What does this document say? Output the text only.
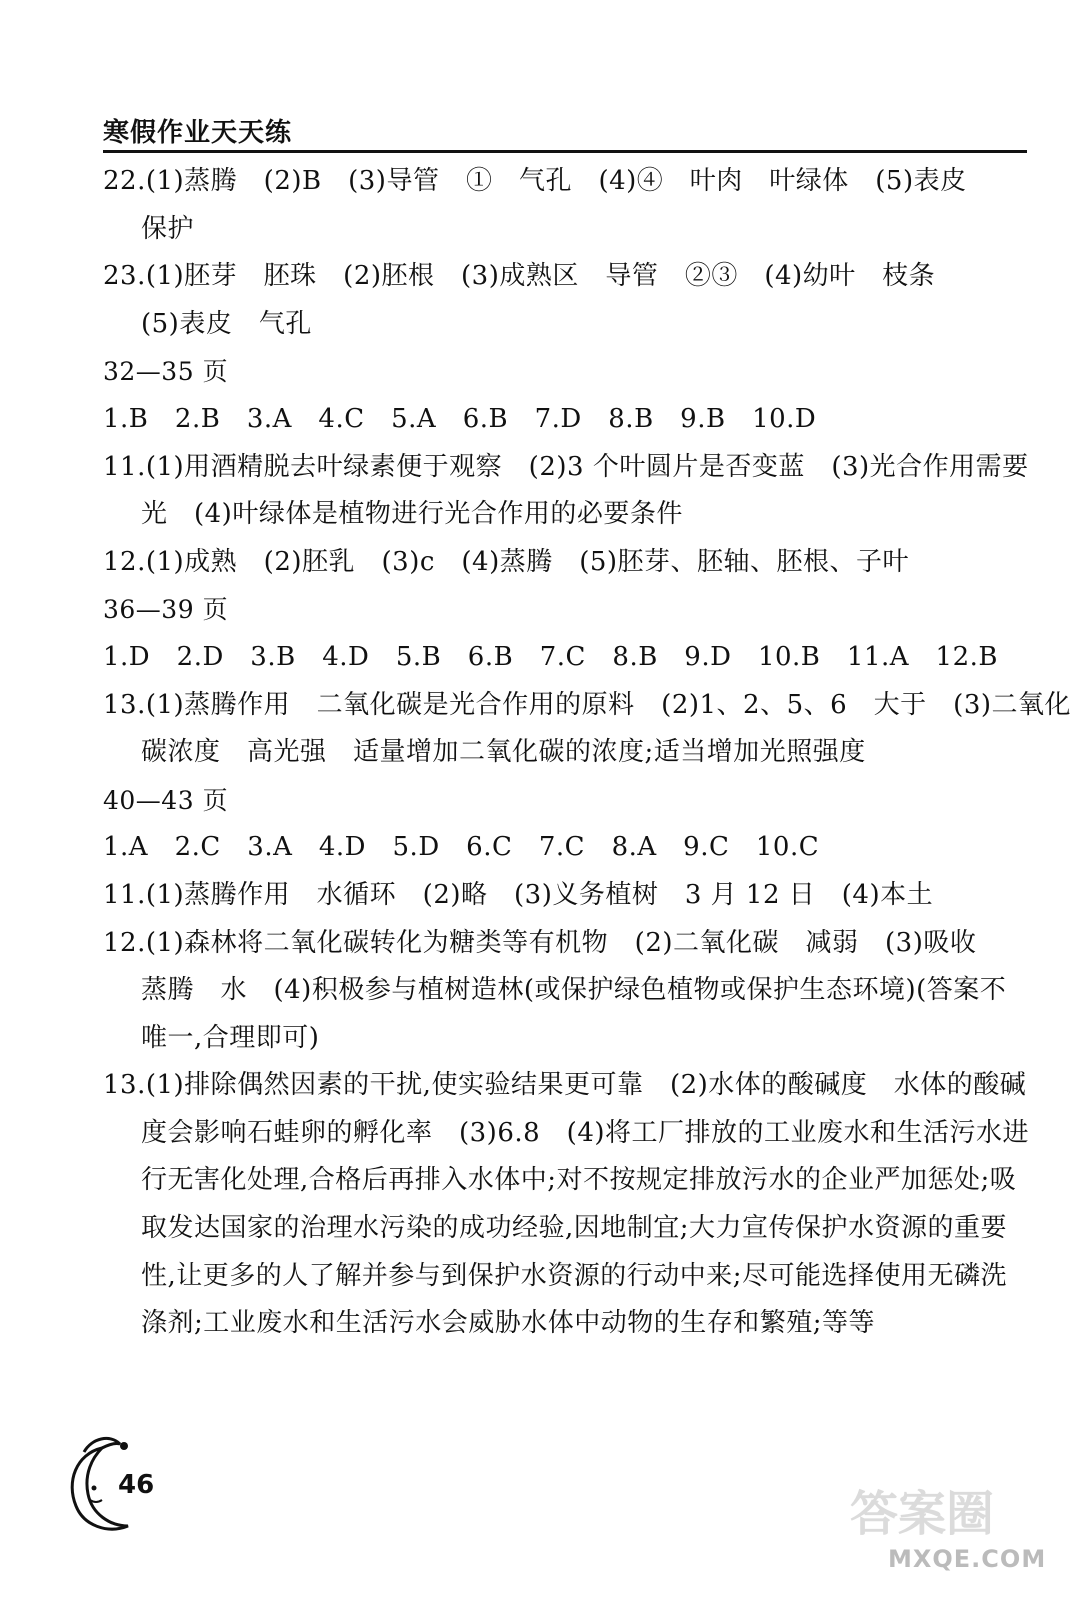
寒假作业天天练
22.(1)蒸腾　(2)B　(3)导管　①　气孔　(4)④　叶肉　叶绿体　(5)表皮
保护
23.(1)胚芽　胚珠　(2)胚根　(3)成熟区　导管　②③　(4)幼叶　枝条
(5)表皮　气孔
32—35 页
1.B　2.B　3.A　4.C　5.A　6.B　7.D　8.B　9.B　10.D
11.(1)用酒精脱去叶绿素便于观察　(2)3 个叶圆片是否变蓝　(3)光合作用需要
光　(4)叶绿体是植物进行光合作用的必要条件
12.(1)成熟　(2)胚乳　(3)c　(4)蒸腾　(5)胚芽、胚轴、胚根、子叶
36—39 页
1.D　2.D　3.B　4.D　5.B　6.B　7.C　8.B　9.D　10.B　11.A　12.B
13.(1)蒸腾作用　二氧化碳是光合作用的原料　(2)1、2、5、6　大于　(3)二氧化
碳浓度　高光强　适量增加二氧化碳的浓度;适当增加光照强度
40—43 页
1.A　2.C　3.A　4.D　5.D　6.C　7.C　8.A　9.C　10.C
11.(1)蒸腾作用　水循环　(2)略　(3)义务植树　3 月 12 日　(4)本土
12.(1)森林将二氧化碳转化为糖类等有机物　(2)二氧化碳　减弱　(3)吸收
蒸腾　水　(4)积极参与植树造林(或保护绿色植物或保护生态环境)(答案不
唯一,合理即可)
13.(1)排除偶然因素的干扰,使实验结果更可靠　(2)水体的酸碱度　水体的酸碱
度会影响石蛙卵的孵化率　(3)6.8　(4)将工厂排放的工业废水和生活污水进
行无害化处理,合格后再排入水体中;对不按规定排放污水的企业严加惩处;吸
取发达国家的治理水污染的成功经验,因地制宜;大力宣传保护水资源的重要
性,让更多的人了解并参与到保护水资源的行动中来;尽可能选择使用无磷洗
涤剂;工业废水和生活污水会威胁水体中动物的生存和繁殖;等等
46
答案圈
MXQE.COM
